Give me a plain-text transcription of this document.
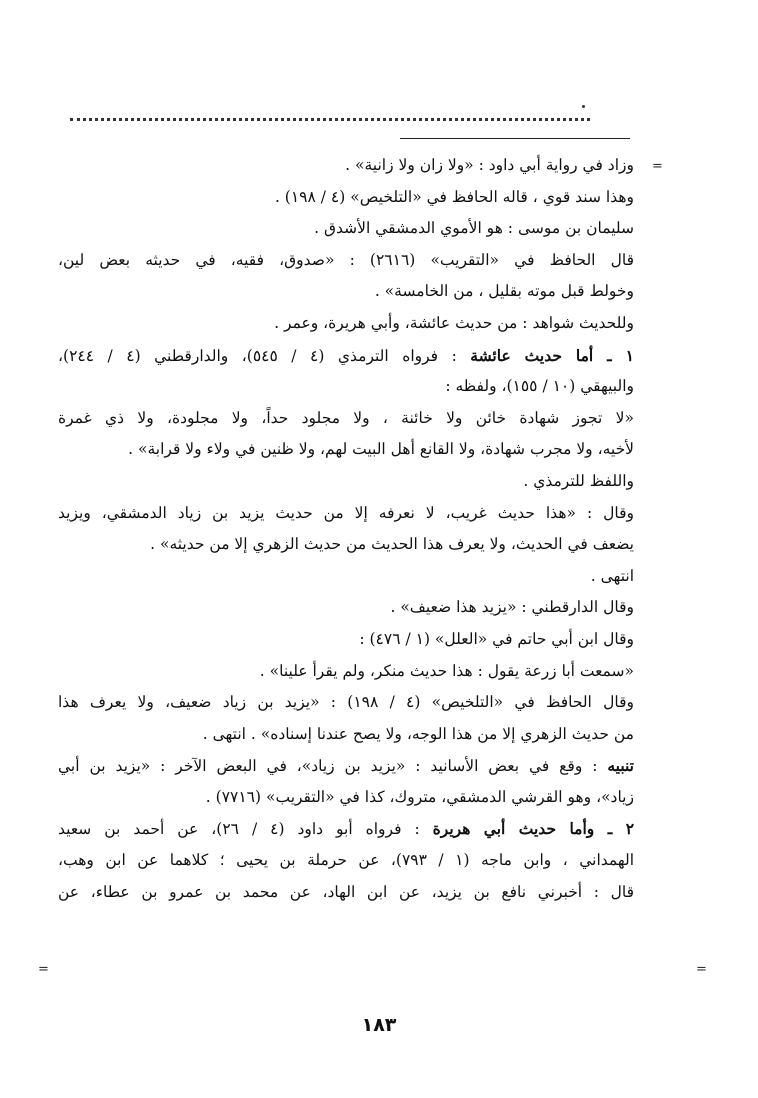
=
=
=
وزاد في رواية أبي داود : «ولا زان ولا زانية» .
وهذا سند قوي ، قاله الحافظ في «التلخيص» (٤ / ١٩٨) .
سليمان بن موسى : هو الأموي الدمشقي الأشدق .
قال الحافظ في «التقريب» (٢٦١٦) : «صدوق، فقيه، في حديثه بعض لين،
وخولط قبل موته بقليل ، من الخامسة» .
وللحديث شواهد : من حديث عائشة، وأبي هريرة، وعمر .
١ ـ أما حديث عائشة : فرواه الترمذي (٤ / ٥٤٥)، والدارقطني (٤ / ٢٤٤)،
والبيهقي (١٠ / ١٥٥)، ولفظه :
«لا تجوز شهادة خائن ولا خائنة ، ولا مجلود حداً، ولا مجلودة، ولا ذي غمرة
لأخيه، ولا مجرب شهادة، ولا القانع أهل البيت لهم، ولا ظنين في ولاء ولا قرابة» .
واللفظ للترمذي .
وقال : «هذا حديث غريب، لا نعرفه إلا من حديث يزيد بن زياد الدمشقي، ويزيد
يضعف في الحديث، ولا يعرف هذا الحديث من حديث الزهري إلا من حديثه» .
انتهى .
وقال الدارقطني : «يزيد هذا ضعيف» .
وقال ابن أبي حاتم في «العلل» (١ / ٤٧٦) :
«سمعت أبا زرعة يقول : هذا حديث منكر، ولم يقرأ علينا» .
وقال الحافظ في «التلخيص» (٤ / ١٩٨) : «يزيد بن زياد ضعيف، ولا يعرف هذا
من حديث الزهري إلا من هذا الوجه، ولا يصح عندنا إسناده» . انتهى .
تنبيه : وقع في بعض الأسانيد : «يزيد بن زياد»، في البعض الآخر : «يزيد بن أبي
زياد»، وهو القرشي الدمشقي، متروك، كذا في «التقريب» (٧٧١٦) .
٢ ـ وأما حديث أبي هريرة : فرواه أبو داود (٤ / ٢٦)، عن أحمد بن سعيد
الهمداني ، وابن ماجه (١ / ٧٩٣)، عن حرملة بن يحيى ؛ كلاهما عن ابن وهب،
قال : أخبرني نافع بن يزيد، عن ابن الهاد، عن محمد بن عمرو بن عطاء، عن
١٨٣
